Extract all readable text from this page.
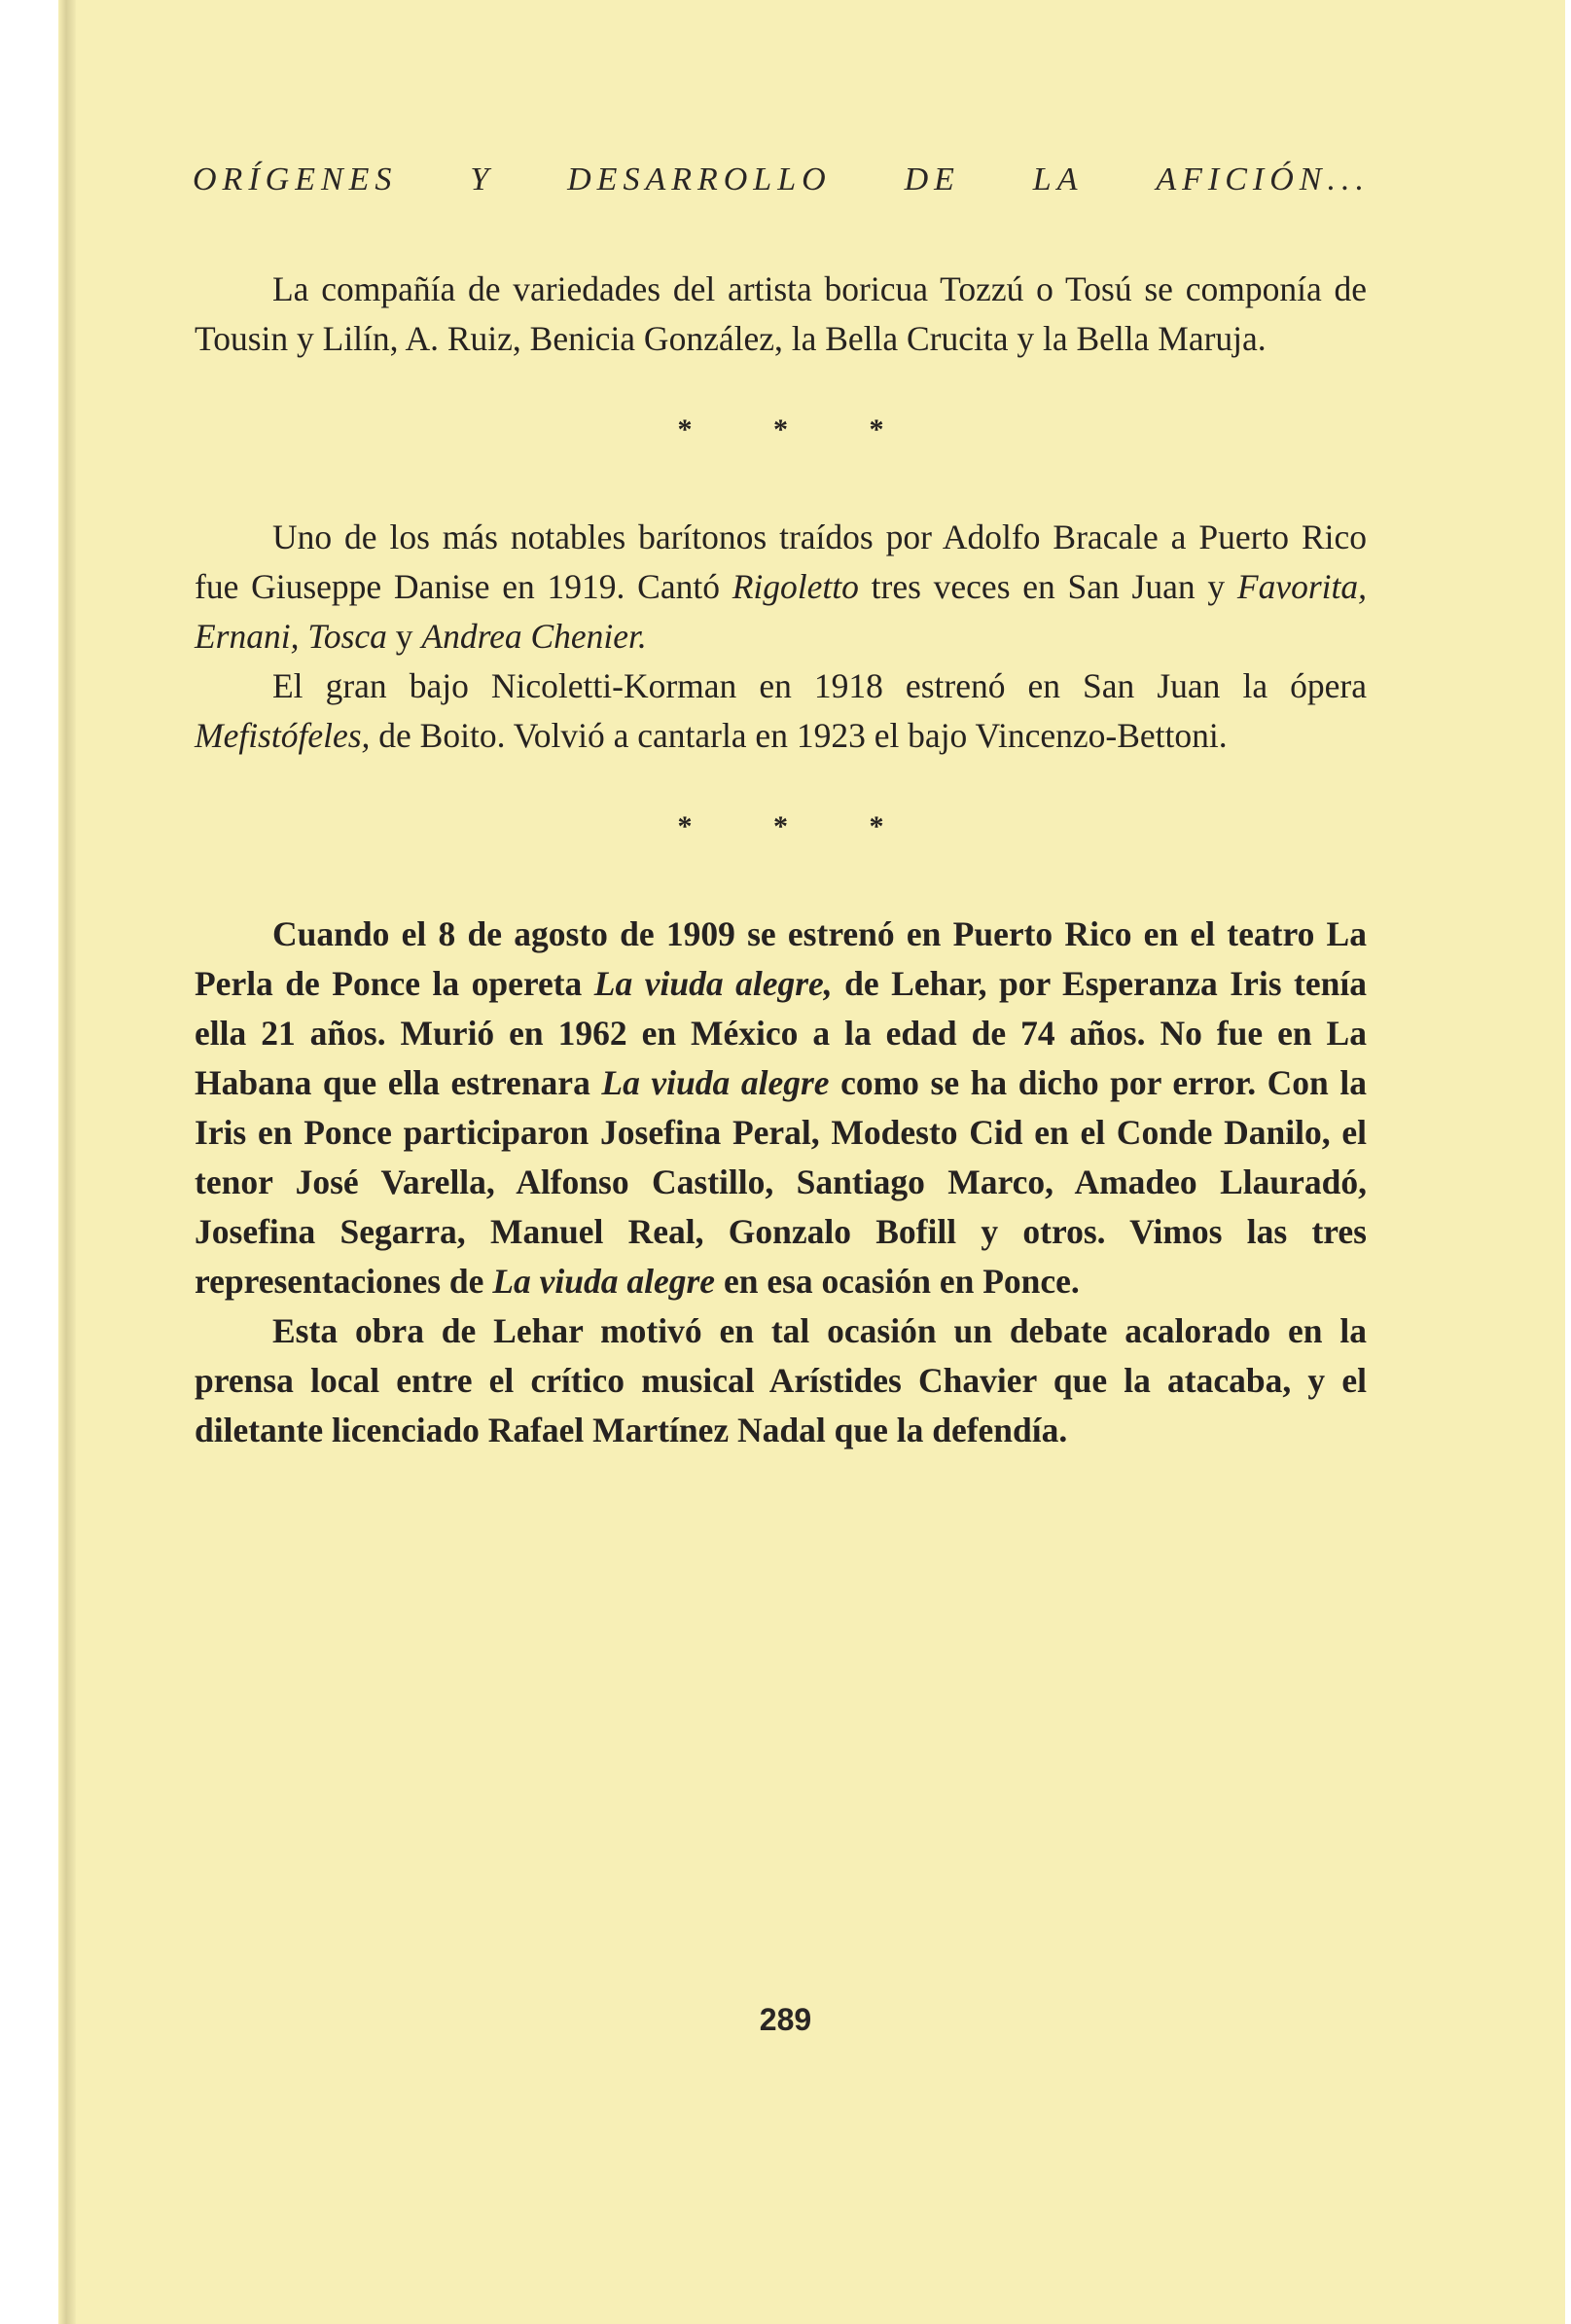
ORÍGENES Y DESARROLLO DE LA AFICIÓN...

La compañía de variedades del artista boricua Tozzú o Tosú se componía de Tousin y Lilín, A. Ruiz, Benicia González, la Bella Crucita y la Bella Maruja.

* * *

Uno de los más notables barítonos traídos por Adolfo Bracale a Puerto Rico fue Giuseppe Danise en 1919. Cantó Rigoletto tres veces en San Juan y Favorita, Ernani, Tosca y Andrea Chenier.

El gran bajo Nicoletti-Korman en 1918 estrenó en San Juan la ópera Mefistófeles, de Boito. Volvió a cantarla en 1923 el bajo Vincenzo-Bettoni.

* * *

Cuando el 8 de agosto de 1909 se estrenó en Puerto Rico en el teatro La Perla de Ponce la opereta La viuda alegre, de Lehar, por Esperanza Iris tenía ella 21 años. Murió en 1962 en México a la edad de 74 años. No fue en La Habana que ella estrenara La viuda alegre como se ha dicho por error. Con la Iris en Ponce participaron Josefina Peral, Modesto Cid en el Conde Danilo, el tenor José Varella, Alfonso Castillo, Santiago Marco, Amadeo Llauradó, Josefina Segarra, Manuel Real, Gonzalo Bofill y otros. Vimos las tres representaciones de La viuda alegre en esa ocasión en Ponce.

Esta obra de Lehar motivó en tal ocasión un debate acalorado en la prensa local entre el crítico musical Arístides Chavier que la atacaba, y el diletante licenciado Rafael Martínez Nadal que la defendía.

289
